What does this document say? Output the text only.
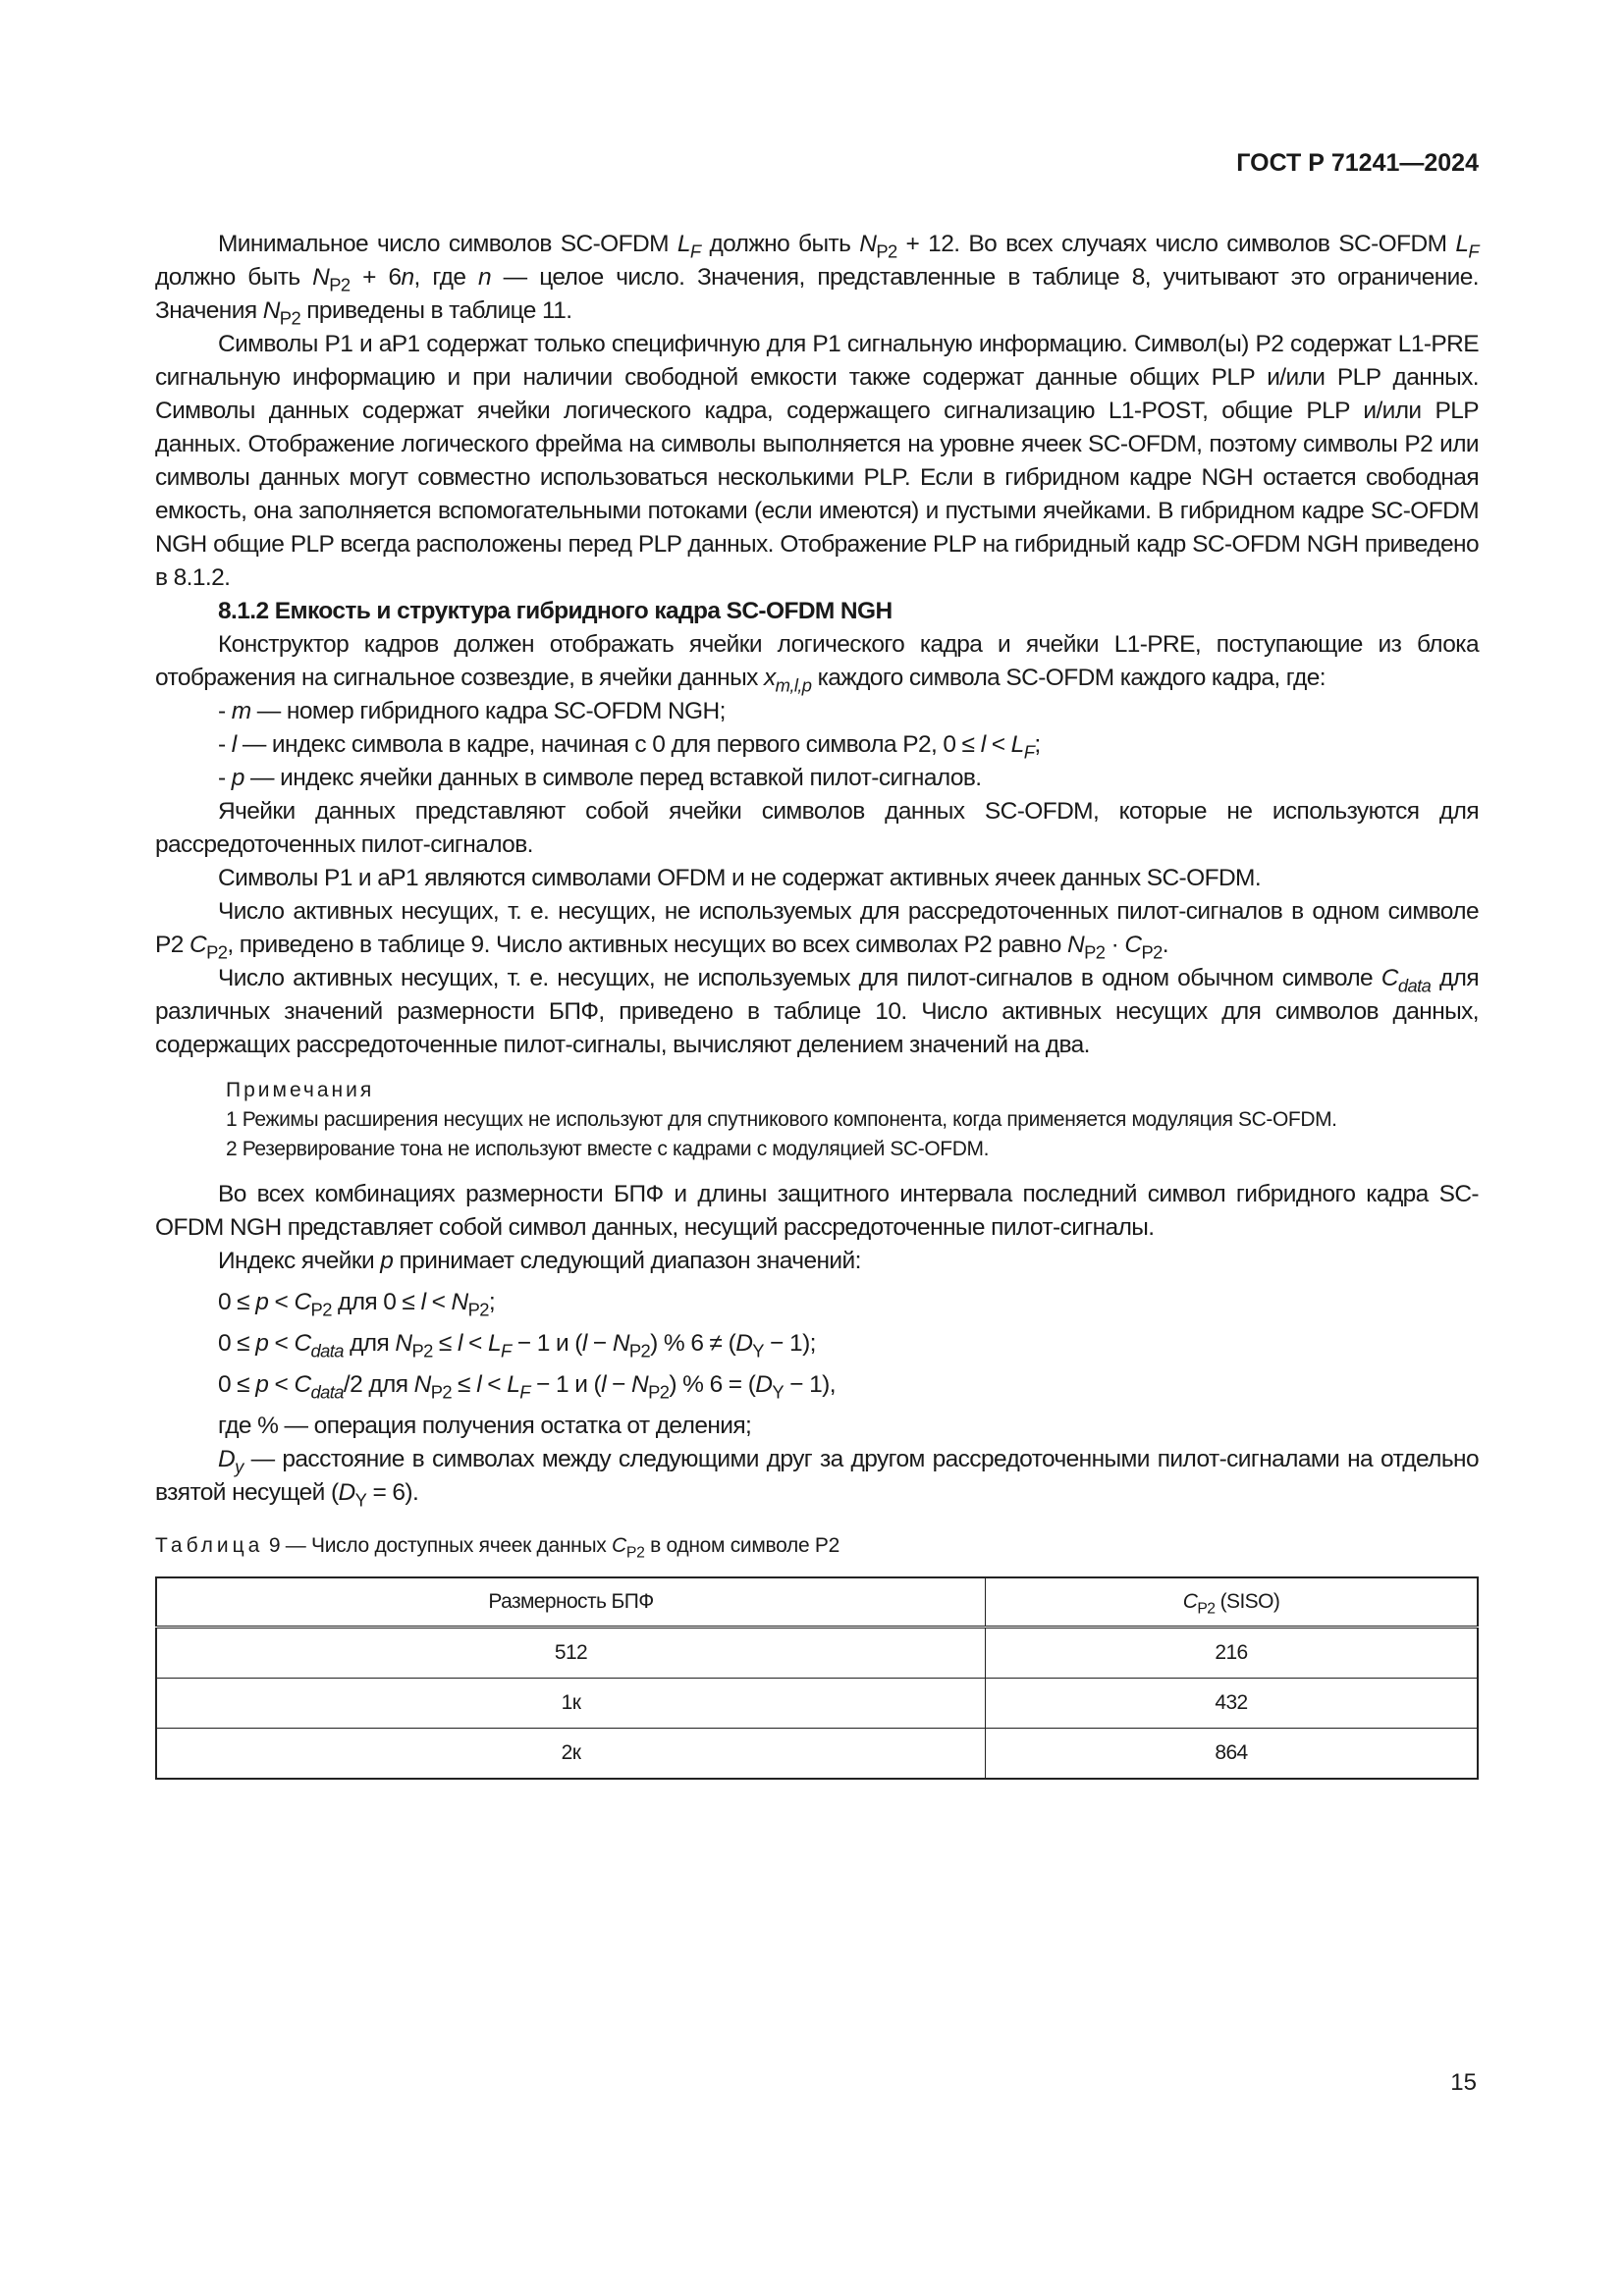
ГОСТ Р 71241—2024

Минимальное число символов SC-OFDM $L_F$ должно быть $N_{P2} + 12$. Во всех случаях число символов SC-OFDM $L_F$ должно быть $N_{P2} + 6n$, где n — целое число. Значения, представленные в таблице 8, учитывают это ограничение. Значения $N_{P2}$ приведены в таблице 11.

Символы P1 и aP1 содержат только специфичную для P1 сигнальную информацию. Символ(ы) P2 содержат L1-PRE сигнальную информацию и при наличии свободной емкости также содержат данные общих PLP и/или PLP данных. Символы данных содержат ячейки логического кадра, содержащего сигнализацию L1-POST, общие PLP и/или PLP данных. Отображение логического фрейма на символы выполняется на уровне ячеек SC-OFDM, поэтому символы P2 или символы данных могут совместно использоваться несколькими PLP. Если в гибридном кадре NGH остается свободная емкость, она заполняется вспомогательными потоками (если имеются) и пустыми ячейками. В гибридном кадре SC-OFDM NGH общие PLP всегда расположены перед PLP данных. Отображение PLP на гибридный кадр SC-OFDM NGH приведено в 8.1.2.

8.1.2 Емкость и структура гибридного кадра SC-OFDM NGH

Конструктор кадров должен отображать ячейки логического кадра и ячейки L1-PRE, поступающие из блока отображения на сигнальное созвездие, в ячейки данных $x_{m,l,p}$ каждого символа SC-OFDM каждого кадра, где:

- m — номер гибридного кадра SC-OFDM NGH;

- l — индекс символа в кадре, начиная с 0 для первого символа P2, $0 \le l < L_F$;

- p — индекс ячейки данных в символе перед вставкой пилот-сигналов.

Ячейки данных представляют собой ячейки символов данных SC-OFDM, которые не используются для рассредоточенных пилот-сигналов.

Символы P1 и aP1 являются символами OFDM и не содержат активных ячеек данных SC-OFDM.

Число активных несущих, т. е. несущих, не используемых для рассредоточенных пилот-сигналов в одном символе P2 $C_{P2}$, приведено в таблице 9. Число активных несущих во всех символах P2 равно $N_{P2} \cdot C_{P2}$.

Число активных несущих, т. е. несущих, не используемых для пилот-сигналов в одном обычном символе $C_{data}$ для различных значений размерности БПФ, приведено в таблице 10. Число активных несущих для символов данных, содержащих рассредоточенные пилот-сигналы, вычисляют делением значений на два.

Примечания

1 Режимы расширения несущих не используют для спутникового компонента, когда применяется модуляция SC-OFDM.

2 Резервирование тона не используют вместе с кадрами с модуляцией SC-OFDM.

Во всех комбинациях размерности БПФ и длины защитного интервала последний символ гибридного кадра SC-OFDM NGH представляет собой символ данных, несущий рассредоточенные пилот-сигналы.

Индекс ячейки p принимает следующий диапазон значений:

$0 \le p < C_{P2}$ для $0 \le l < N_{P2}$;

$0 \le p < C_{data}$ для $N_{P2} \le l < L_F - 1$ и $(l - N_{P2})$ % $6 \ne (D_Y - 1)$;

$0 \le p < C_{data}/2$ для $N_{P2} \le l < L_F - 1$ и $(l - N_{P2})$ % $6 = (D_Y - 1)$,

где % — операция получения остатка от деления;

$D_y$ — расстояние в символах между следующими друг за другом рассредоточенными пилот-сигналами на отдельно взятой несущей $(D_Y = 6)$.

Таблица 9 — Число доступных ячеек данных $C_{P2}$ в одном символе P2
Размерность БПФ	$C_{P2}$ (SISO)
512	216
1к	432
2к	864
15
